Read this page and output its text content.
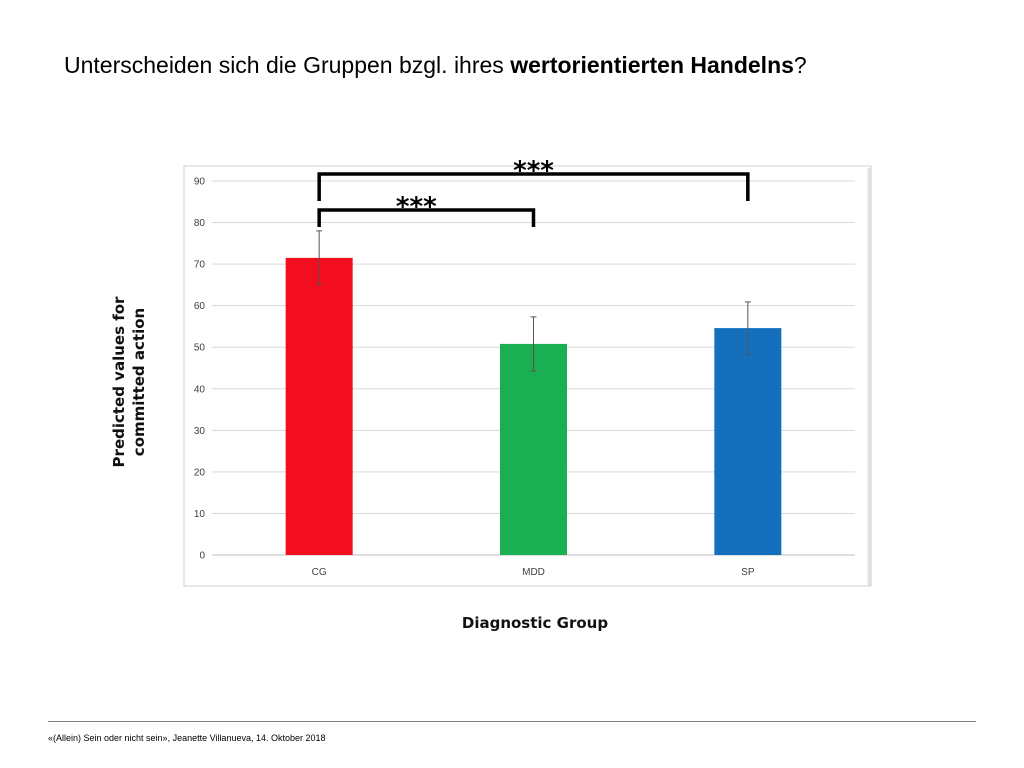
Unterscheiden sich die Gruppen bzgl. ihres wertorientierten Handelns?
0
10
20
30
40
50
60
70
80
90
CG	MDD	SP
***
***
Predicted values for committed action
Diagnostic Group
«(Allein) Sein oder nicht sein», Jeanette Villanueva, 14. Oktober 2018
